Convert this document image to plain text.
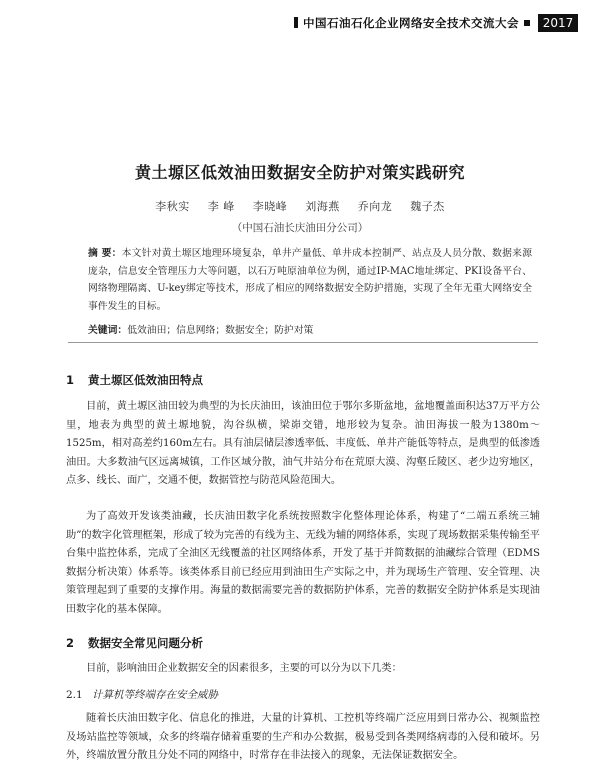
中国石油石化企业网络安全技术交流大会	2017
黄土塬区低效油田数据安全防护对策实践研究
李秋实 李 峰 李晓峰 刘海燕 乔向龙 魏子杰
（中国石油长庆油田分公司）
摘 要：本文针对黄土塬区地理环境复杂，单井产量低、单井成本控制严、站点及人员分散、数据来源庞杂，信息安全管理压力大等问题，以石万吨原油单位为例，通过IP-MAC地址绑定、PKI设备平台、网络物理隔离、U-key绑定等技术，形成了相应的网络数据安全防护措施，实现了全年无重大网络安全事件发生的目标。
关键词：低效油田；信息网络；数据安全；防护对策
1 黄土塬区低效油田特点
目前，黄土塬区油田较为典型的为长庆油田，该油田位于鄂尔多斯盆地，盆地覆盖面积达37万平方公里，地表为典型的黄土塬地貌，沟谷纵横，梁峁交错，地形较为复杂。油田海拔一般为1380m～1525m，相对高差约160m左右。具有油层储层渗透率低、丰度低、单井产能低等特点，是典型的低渗透油田。大多数油气区远离城镇，工作区域分散，油气井站分布在荒原大漠、沟壑丘陵区、老少边穷地区，点多、线长、面广，交通不便，数据管控与防范风险范围大。
为了高效开发该类油藏，长庆油田数字化系统按照数字化整体理论体系，构建了“二端五系统三辅助”的数字化管理框架，形成了较为完善的有线为主、无线为辅的网络体系，实现了现场数据采集传输至平台集中监控体系，完成了全油区无线覆盖的社区网络体系，开发了基于并简数据的油藏综合管理（EDMS数据分析决策）体系等。该类体系目前已经应用到油田生产实际之中，并为现场生产管理、安全管理、决策管理起到了重要的支撑作用。海量的数据需要完善的数据防护体系，完善的数据安全防护体系是实现油田数字化的基本保障。
2 数据安全常见问题分析
目前，影响油田企业数据安全的因素很多，主要的可以分为以下几类：
2.1 计算机等终端存在安全威胁
随着长庆油田数字化、信息化的推进，大量的计算机、工控机等终端广泛应用到日常办公、视频监控及场站监控等领域，众多的终端存储着重要的生产和办公数据，极易受到各类网络病毒的入侵和破坏。另外，终端放置分散且分处不同的网络中，时常存在非法接入的现象，无法保证数据安全。
